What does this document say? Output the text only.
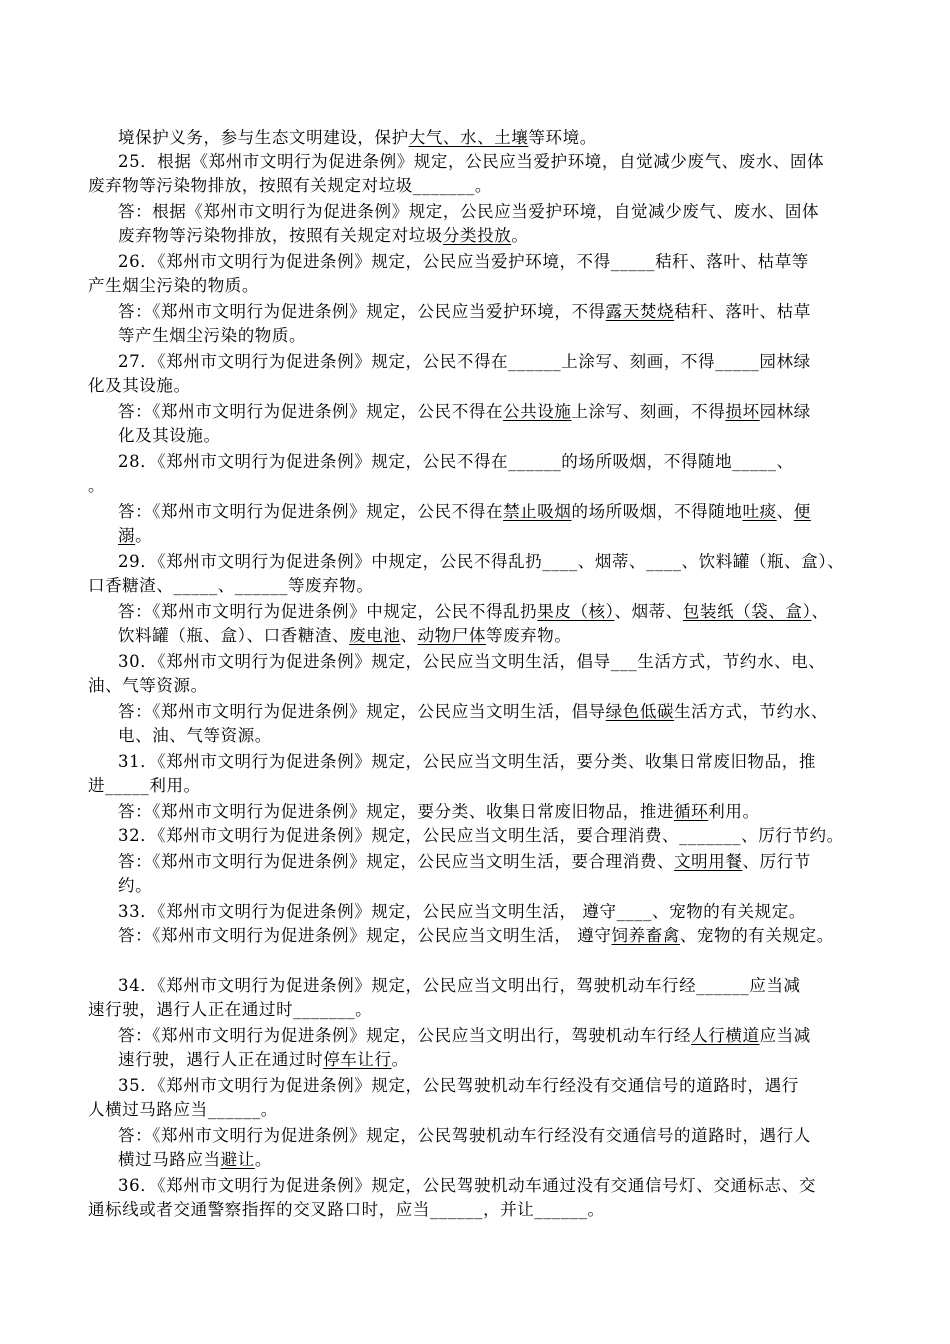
境保护义务，参与生态文明建设，保护大气、水、土壤等环境。
25．根据《郑州市文明行为促进条例》规定，公民应当爱护环境，自觉减少废气、废水、固体
废弃物等污染物排放，按照有关规定对垃圾_______。
答：根据《郑州市文明行为促进条例》规定，公民应当爱护环境，自觉减少废气、废水、固体
废弃物等污染物排放，按照有关规定对垃圾分类投放。
26．《郑州市文明行为促进条例》规定，公民应当爱护环境，不得_____秸秆、落叶、枯草等
产生烟尘污染的物质。
答：《郑州市文明行为促进条例》规定，公民应当爱护环境，不得露天焚烧秸秆、落叶、枯草
等产生烟尘污染的物质。
27．《郑州市文明行为促进条例》规定，公民不得在______上涂写、刻画，不得_____园林绿
化及其设施。
答：《郑州市文明行为促进条例》规定，公民不得在公共设施上涂写、刻画，不得损坏园林绿
化及其设施。
28．《郑州市文明行为促进条例》规定，公民不得在______的场所吸烟，不得随地_____、
。
答：《郑州市文明行为促进条例》规定，公民不得在禁止吸烟的场所吸烟，不得随地吐痰、便
溺。
29．《郑州市文明行为促进条例》中规定，公民不得乱扔____、烟蒂、____、饮料罐（瓶、盒）、
口香糖渣、_____、______等废弃物。
答：《郑州市文明行为促进条例》中规定，公民不得乱扔果皮（核）、烟蒂、包装纸（袋、盒）、
饮料罐（瓶、盒）、口香糖渣、废电池、动物尸体等废弃物。
30．《郑州市文明行为促进条例》规定，公民应当文明生活，倡导___生活方式，节约水、电、
油、气等资源。
答：《郑州市文明行为促进条例》规定，公民应当文明生活，倡导绿色低碳生活方式，节约水、
电、油、气等资源。
31．《郑州市文明行为促进条例》规定，公民应当文明生活，要分类、收集日常废旧物品，推
进_____利用。
答：《郑州市文明行为促进条例》规定，要分类、收集日常废旧物品，推进循环利用。
32．《郑州市文明行为促进条例》规定，公民应当文明生活，要合理消费、_______、厉行节约。
答：《郑州市文明行为促进条例》规定，公民应当文明生活，要合理消费、文明用餐、厉行节
约。
33．《郑州市文明行为促进条例》规定，公民应当文明生活， 遵守____、宠物的有关规定。
答：《郑州市文明行为促进条例》规定，公民应当文明生活， 遵守饲养畜禽、宠物的有关规定。
34．《郑州市文明行为促进条例》规定，公民应当文明出行，驾驶机动车行经______应当减
速行驶，遇行人正在通过时_______。
答：《郑州市文明行为促进条例》规定，公民应当文明出行，驾驶机动车行经人行横道应当减
速行驶，遇行人正在通过时停车让行。
35．《郑州市文明行为促进条例》规定，公民驾驶机动车行经没有交通信号的道路时，遇行
人横过马路应当______。
答：《郑州市文明行为促进条例》规定，公民驾驶机动车行经没有交通信号的道路时，遇行人
横过马路应当避让。
36．《郑州市文明行为促进条例》规定，公民驾驶机动车通过没有交通信号灯、交通标志、交
通标线或者交通警察指挥的交叉路口时，应当______，并让______。
